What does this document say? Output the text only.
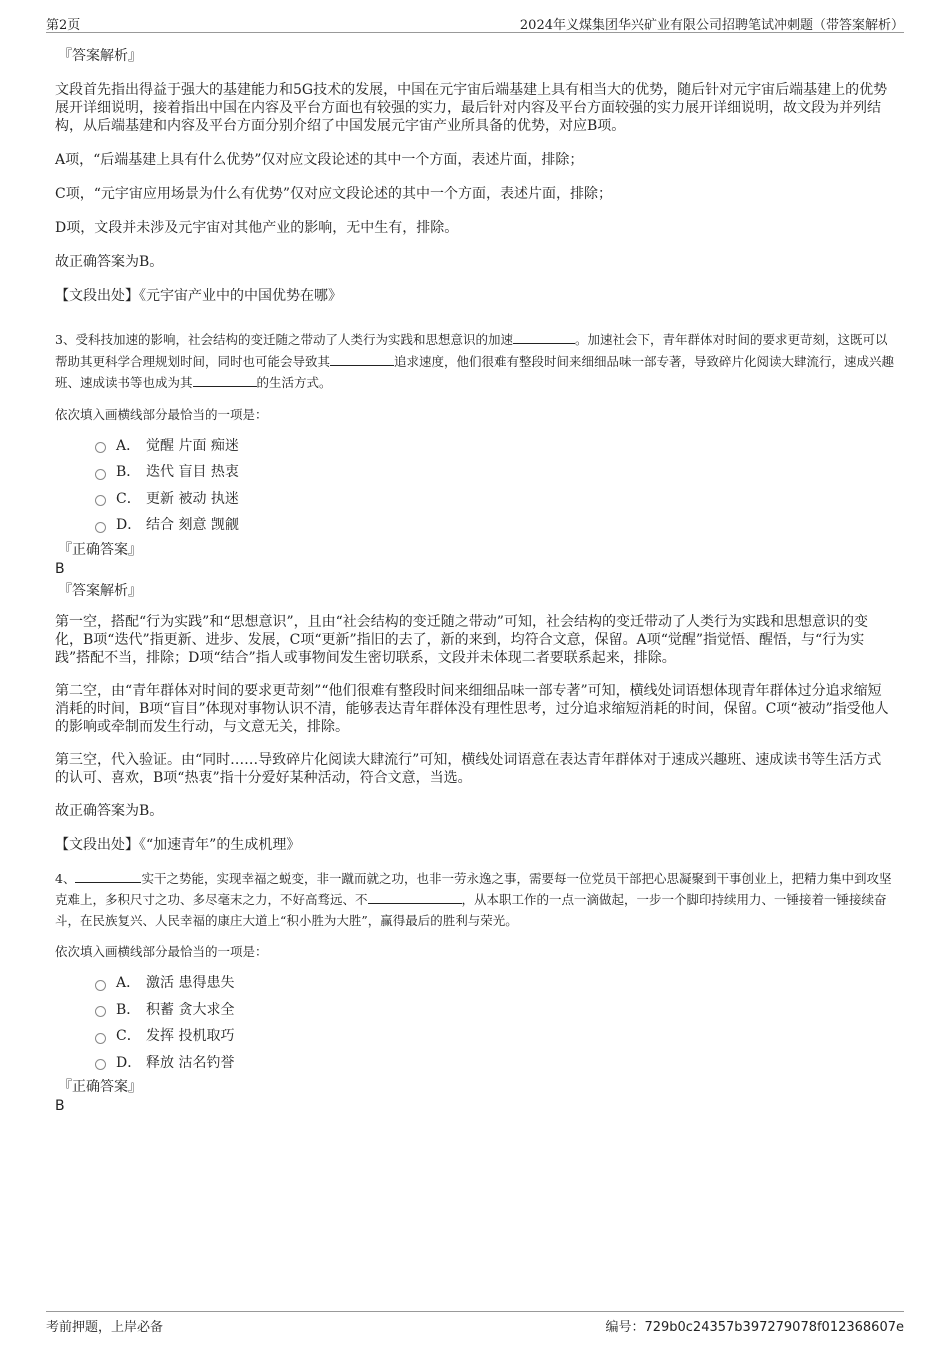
第2页	2024年义煤集团华兴矿业有限公司招聘笔试冲刺题（带答案解析）
『答案解析』

文段首先指出得益于强大的基建能力和5G技术的发展，中国在元宇宙后端基建上具有相当大的优势，随后针对元宇宙后端基建上的优势展开详细说明，接着指出中国在内容及平台方面也有较强的实力，最后针对内容及平台方面较强的实力展开详细说明，故文段为并列结构，从后端基建和内容及平台方面分别介绍了中国发展元宇宙产业所具备的优势，对应B项。

A项，“后端基建上具有什么优势”仅对应文段论述的其中一个方面，表述片面，排除；

C项，“元宇宙应用场景为什么有优势”仅对应文段论述的其中一个方面，表述片面，排除；

D项，文段并未涉及元宇宙对其他产业的影响，无中生有，排除。

故正确答案为B。

【文段出处】《元宇宙产业中的中国优势在哪》

3、受科技加速的影响，社会结构的变迁随之带动了人类行为实践和思想意识的加速	。加速社会下，青年群体对时间的要求更苛刻，这既可以帮助其更科学合理规划时间，同时也可能会导致其	追求速度，他们很难有整段时间来细细品味一部专著，导致碎片化阅读大肆流行，速成兴趣班、速成读书等也成为其	的生活方式。

依次填入画横线部分最恰当的一项是：
A． 觉醒 片面 痴迷
B． 迭代 盲目 热衷
C． 更新 被动 执迷
D． 结合 刻意 觊觎
『正确答案』
B
『答案解析』

第一空，搭配“行为实践”和“思想意识”，且由“社会结构的变迁随之带动”可知，社会结构的变迁带动了人类行为实践和思想意识的变化，B项“迭代”指更新、进步、发展，C项“更新”指旧的去了，新的来到，均符合文意，保留。A项“觉醒”指觉悟、醒悟，与“行为实践”搭配不当，排除；D项“结合”指人或事物间发生密切联系，文段并未体现二者要联系起来，排除。

第二空，由“青年群体对时间的要求更苛刻”“他们很难有整段时间来细细品味一部专著”可知，横线处词语想体现青年群体过分追求缩短消耗的时间，B项“盲目”体现对事物认识不清，能够表达青年群体没有理性思考，过分追求缩短消耗的时间，保留。C项“被动”指受他人的影响或牵制而发生行动，与文意无关，排除。

第三空，代入验证。由“同时……导致碎片化阅读大肆流行”可知，横线处词语意在表达青年群体对于速成兴趣班、速成读书等生活方式的认可、喜欢，B项“热衷”指十分爱好某种活动，符合文意，当选。

故正确答案为B。

【文段出处】《“加速青年”的生成机理》

4、	实干之势能，实现幸福之蜕变，非一蹴而就之功，也非一劳永逸之事，需要每一位党员干部把心思凝聚到干事创业上，把精力集中到攻坚克难上，多积尺寸之功、多尽毫末之力，不好高骛远、不	，从本职工作的一点一滴做起，一步一个脚印持续用力、一锤接着一锤接续奋斗，在民族复兴、人民幸福的康庄大道上“积小胜为大胜”，赢得最后的胜利与荣光。

依次填入画横线部分最恰当的一项是：
A． 激活 患得患失
B． 积蓄 贪大求全
C． 发挥 投机取巧
D． 释放 沽名钓誉
『正确答案』
B
考前押题，上岸必备	编号：729b0c24357b397279078f012368607e
